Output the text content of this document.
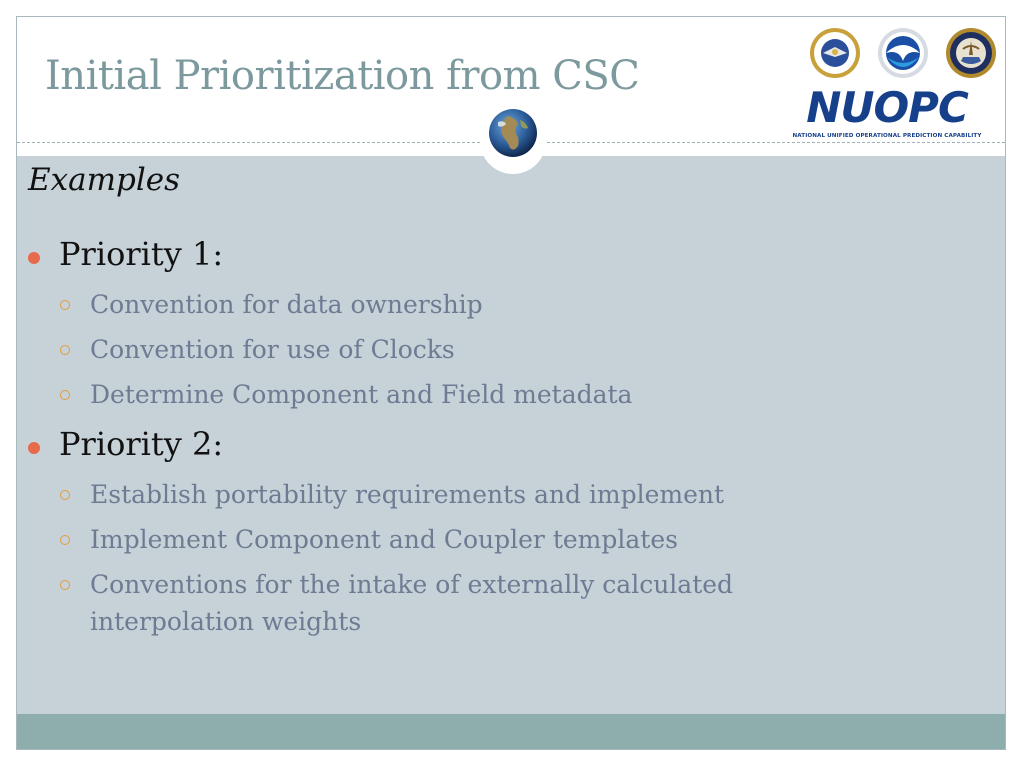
Initial Prioritization from CSC
NUOPC
NATIONAL UNIFIED OPERATIONAL PREDICTION CAPABILITY
Examples
Priority 1:
Convention for data ownership
Convention for use of Clocks
Determine Component and Field metadata
Priority 2:
Establish portability requirements and implement
Implement Component and Coupler templates
Conventions for the intake of externally calculated interpolation weights
